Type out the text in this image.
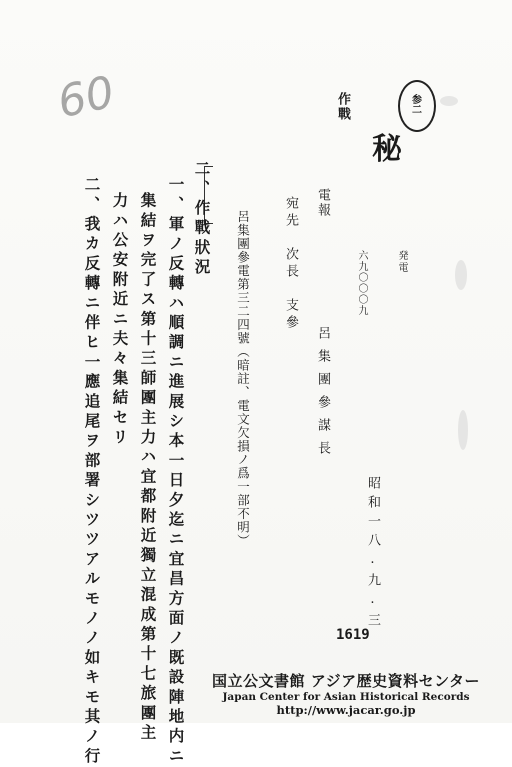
60	参
二
秘
作戰
電報
六九〇〇〇九	発電
呂集團參謀長
昭和一八.九.三
宛先　次長　支參
呂集團參電第三二四號（暗註、電文欠損ノ爲一部不明）
二、作戰狀況
一、軍ノ反轉ハ順調ニ進展シ本一日夕迄ニ宜昌方面ノ既設陣地内ニ
集結ヲ完了ス第十三師團主力ハ宜都附近獨立混成第十七旅團主
力ハ公安附近ニ夫々集結セリ
二、我カ反轉ニ伴ヒ一應追尾ヲ部署シツツアルモノノ如キモ其ノ行	1619
国立公文書館 アジア歴史資料センター
Japan Center for Asian Historical Records
http://www.jacar.go.jp
